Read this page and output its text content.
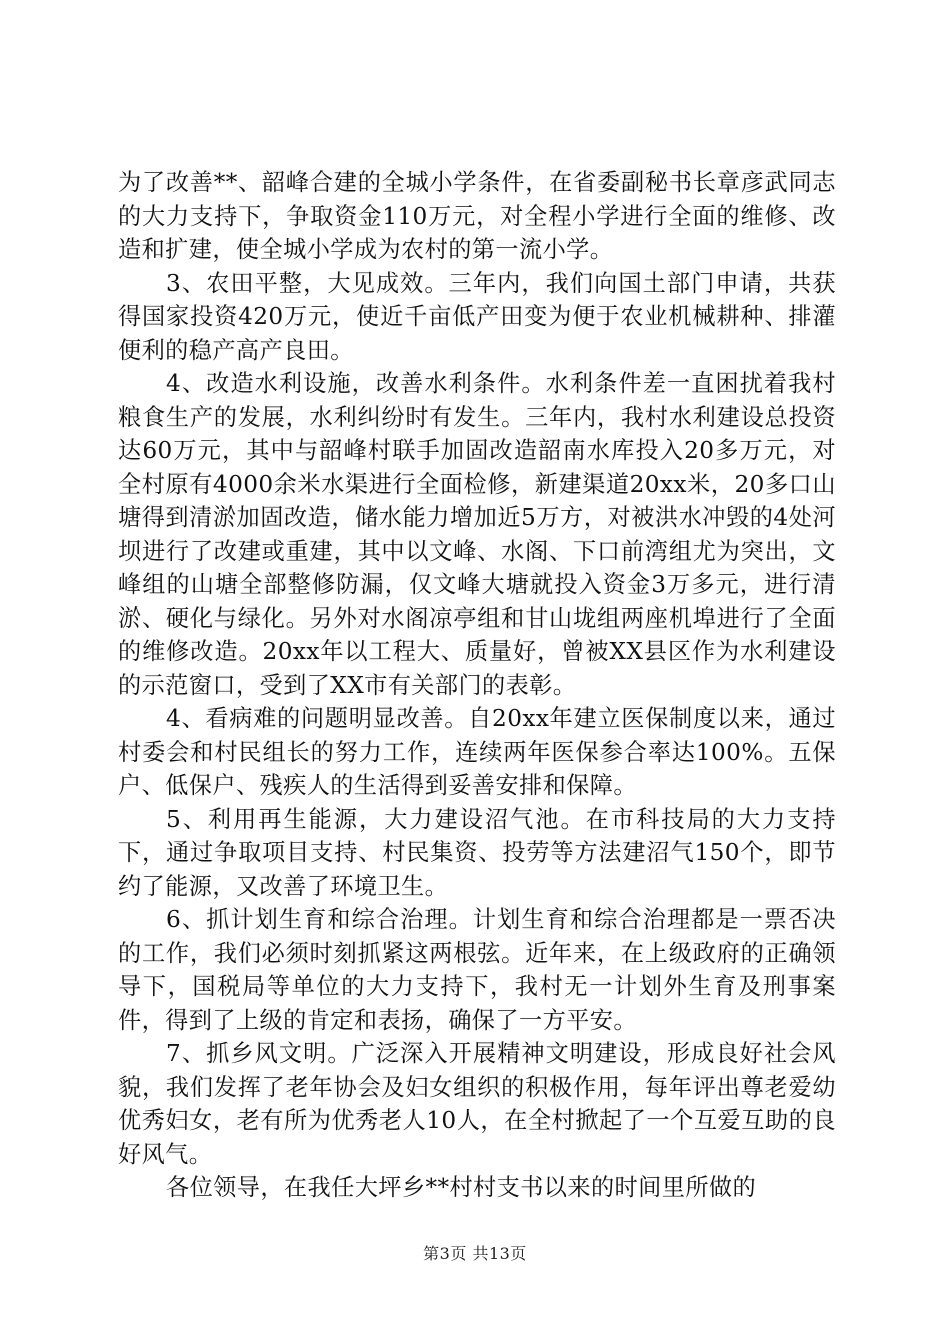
为了改善**、韶峰合建的全城小学条件，在省委副秘书长章彦武同志的大力支持下，争取资金110万元，对全程小学进行全面的维修、改造和扩建，使全城小学成为农村的第一流小学。

3、农田平整，大见成效。三年内，我们向国土部门申请，共获得国家投资420万元，使近千亩低产田变为便于农业机械耕种、排灌便利的稳产高产良田。

4、改造水利设施，改善水利条件。水利条件差一直困扰着我村粮食生产的发展，水利纠纷时有发生。三年内，我村水利建设总投资达60万元，其中与韶峰村联手加固改造韶南水库投入20多万元，对全村原有4000余米水渠进行全面检修，新建渠道20xx米，20多口山塘得到清淤加固改造，储水能力增加近5万方，对被洪水冲毁的4处河坝进行了改建或重建，其中以文峰、水阁、下口前湾组尤为突出，文峰组的山塘全部整修防漏，仅文峰大塘就投入资金3万多元，进行清淤、硬化与绿化。另外对水阁凉亭组和甘山垅组两座机埠进行了全面的维修改造。20xx年以工程大、质量好，曾被XX县区作为水利建设的示范窗口，受到了XX市有关部门的表彰。

4、看病难的问题明显改善。自20xx年建立医保制度以来，通过村委会和村民组长的努力工作，连续两年医保参合率达100%。五保户、低保户、残疾人的生活得到妥善安排和保障。

5、利用再生能源，大力建设沼气池。在市科技局的大力支持下，通过争取项目支持、村民集资、投劳等方法建沼气150个，即节约了能源，又改善了环境卫生。

6、抓计划生育和综合治理。计划生育和综合治理都是一票否决的工作，我们必须时刻抓紧这两根弦。近年来，在上级政府的正确领导下，国税局等单位的大力支持下，我村无一计划外生育及刑事案件，得到了上级的肯定和表扬，确保了一方平安。

7、抓乡风文明。广泛深入开展精神文明建设，形成良好社会风貌，我们发挥了老年协会及妇女组织的积极作用，每年评出尊老爱幼优秀妇女，老有所为优秀老人10人，在全村掀起了一个互爱互助的良好风气。

各位领导，在我任大坪乡**村村支书以来的时间里所做的

第3页 共13页
